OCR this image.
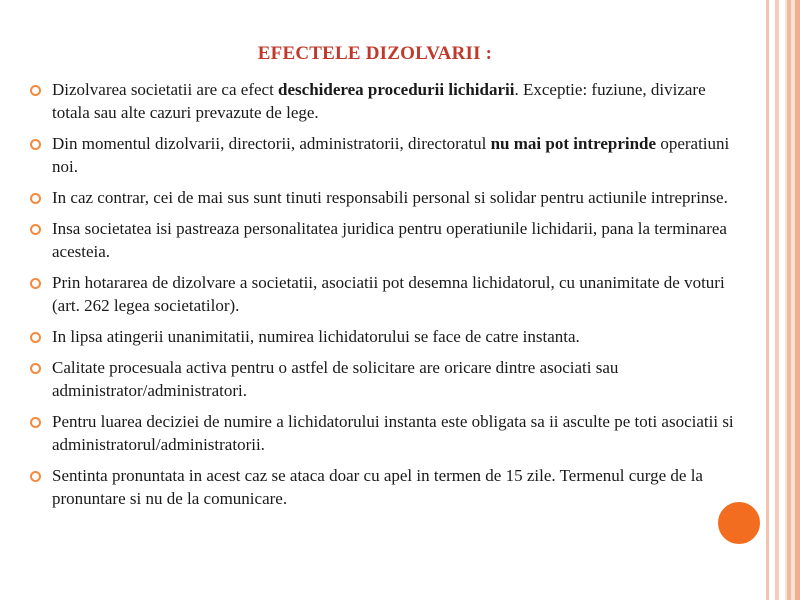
EFECTELE DIZOLVARII :
Dizolvarea societatii are ca efect deschiderea procedurii lichidarii. Exceptie: fuziune, divizare totala sau alte cazuri prevazute de lege.
Din momentul dizolvarii, directorii, administratorii, directoratul nu mai pot intreprinde operatiuni noi.
In caz contrar, cei de mai sus sunt tinuti responsabili personal si solidar pentru actiunile intreprinse.
Insa societatea isi pastreaza personalitatea juridica pentru operatiunile lichidarii, pana la terminarea acesteia.
Prin hotararea de dizolvare a societatii, asociatii pot desemna lichidatorul, cu unanimitate de voturi (art. 262 legea societatilor).
In lipsa atingerii unanimitatii, numirea lichidatorului se face de catre instanta.
Calitate procesuala activa pentru o astfel de solicitare are oricare dintre asociati sau administrator/administratori.
Pentru luarea deciziei de numire a lichidatorului instanta este obligata sa ii asculte pe toti asociatii si administratorul/administratorii.
Sentinta pronuntata in acest caz se ataca doar cu apel in termen de 15 zile. Termenul curge de la pronuntare si nu de la comunicare.
